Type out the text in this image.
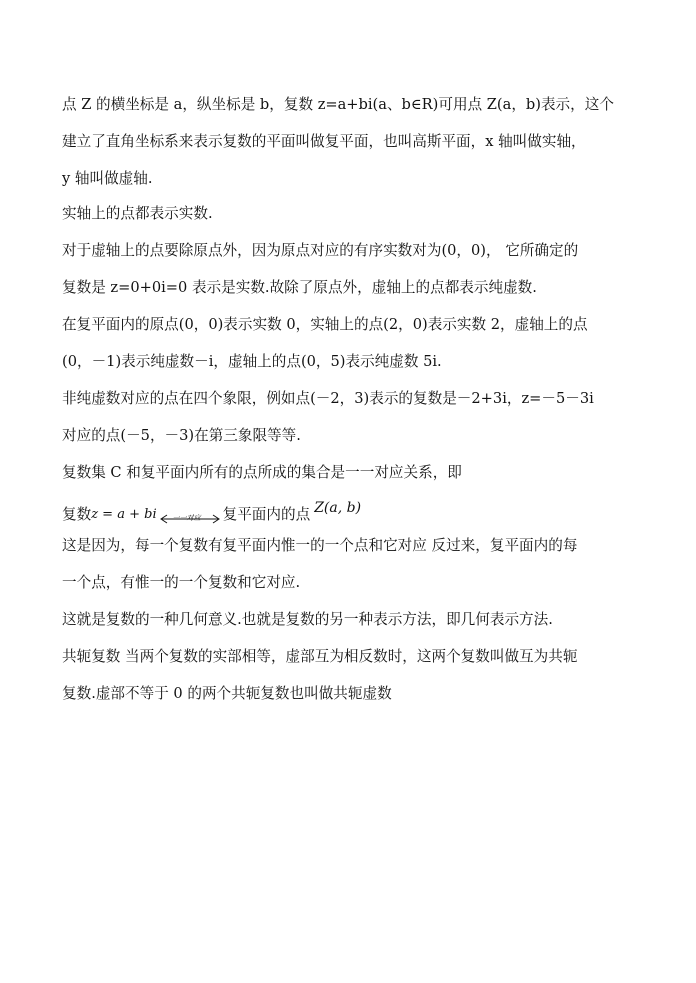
点 Z 的横坐标是 a，纵坐标是 b，复数 z=a+bi(a、b∈R)可用点 Z(a，b)表示，这个
建立了直角坐标系来表示复数的平面叫做复平面，也叫高斯平面，x 轴叫做实轴，
y 轴叫做虚轴.
实轴上的点都表示实数.
对于虚轴上的点要除原点外，因为原点对应的有序实数对为(0，0)， 它所确定的
复数是 z=0+0i=0 表示是实数.故除了原点外，虚轴上的点都表示纯虚数.
在复平面内的原点(0，0)表示实数 0，实轴上的点(2，0)表示实数 2，虚轴上的点
(0，－1)表示纯虚数－i，虚轴上的点(0，5)表示纯虚数 5i.
非纯虚数对应的点在四个象限，例如点(－2，3)表示的复数是－2+3i，z=－5－3i
对应的点(－5，－3)在第三象限等等.
复数集 C 和复平面内所有的点所成的集合是一一对应关系，即
复数 z = a + bi 一一对应 复平面内的点 Z(a, b)
这是因为，每一个复数有复平面内惟一的一个点和它对应 反过来，复平面内的每
一个点，有惟一的一个复数和它对应.
这就是复数的一种几何意义.也就是复数的另一种表示方法，即几何表示方法.
共轭复数 当两个复数的实部相等，虚部互为相反数时，这两个复数叫做互为共轭
复数.虚部不等于 0 的两个共轭复数也叫做共轭虚数
